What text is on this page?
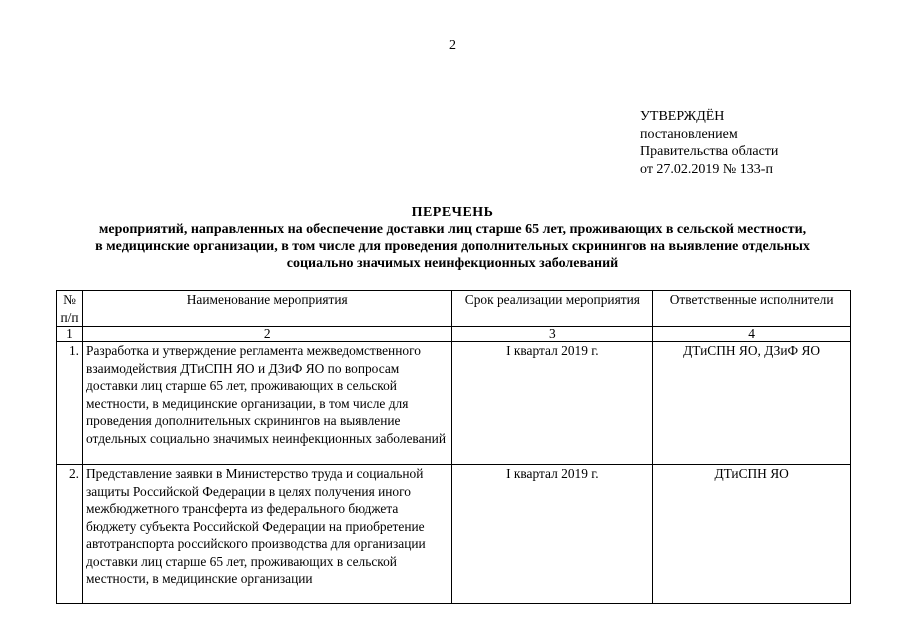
2
УТВЕРЖДЁН
постановлением
Правительства области
от 27.02.2019 № 133-п
ПЕРЕЧЕНЬ
мероприятий, направленных на обеспечение доставки лиц старше 65 лет, проживающих в сельской местности,
в медицинские организации, в том числе для проведения дополнительных скринингов на выявление отдельных
социально значимых неинфекционных заболеваний
№ п/п	Наименование мероприятия	Срок реализации мероприятия	Ответственные исполнители
1	2	3	4
1.	Разработка и утверждение регламента межведомственного взаимодействия ДТиСПН ЯО и ДЗиФ ЯО по вопросам доставки лиц старше 65 лет, проживающих в сельской местности, в медицинские организации, в том числе для проведения дополнительных скринингов на выявление отдельных социально значимых неинфекционных заболеваний	I квартал 2019 г.	ДТиСПН ЯО, ДЗиФ ЯО
2.	Представление заявки в Министерство труда и социальной защиты Российской Федерации в целях получения иного межбюджетного трансферта из федерального бюджета бюджету субъекта Российской Федерации на приобретение автотранспорта российского производства для организации доставки лиц старше 65 лет, проживающих в сельской местности, в медицинские организации	I квартал 2019 г.	ДТиСПН ЯО
